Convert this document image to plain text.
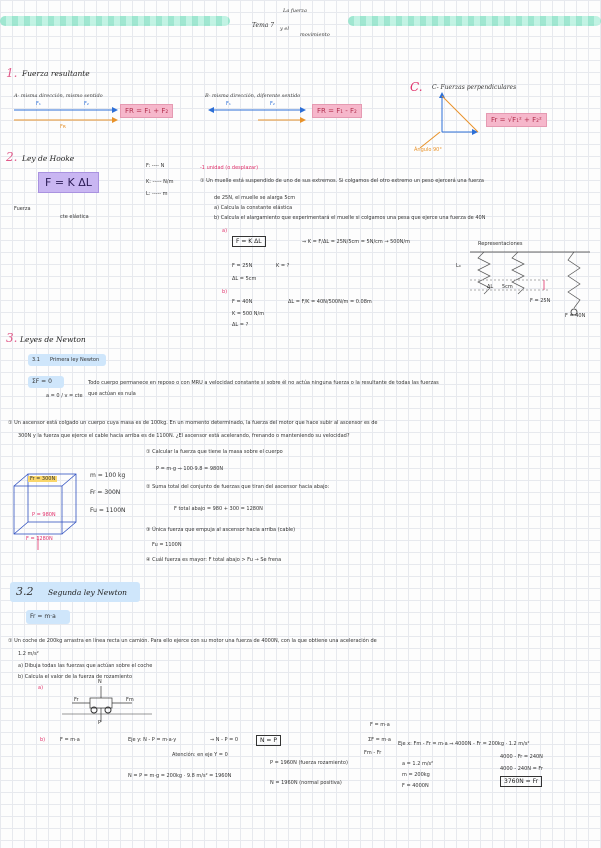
Tema 7 y el
La fuerza
movimiento
1. Fuerza resultante
A- misma dirección, mismo sentido
F₁	F₂
Fʀ
FR = F₁ + F₂
B- misma dirección, diferente sentido
F₁	F₂
FR = F₁ - F₂
C. C- Fuerzas perpendiculares
Fr = √F₁² + F₂²
Ángulo 90°
2. Ley de Hooke
F = K ΔL
Fuerza
cte elástica
F: ---- N
K: ----- N/m
L: ----- m
-1 unidad (o desplazar)
① Un muelle está suspendido de uno de sus extremos. Si colgamos del otro extremo un peso ejercerá una fuerza
de 25N, el muelle se alarga 5cm
a) Calcula la constante elástica
b) Calcula el alargamiento que experimentará el muelle si colgamos una pesa que ejerce una fuerza de 40N
a)
F = K ΔL	⇒ K = F/ΔL = 25N/5cm = 5N/cm → 500N/m
F = 25N	K = ?
ΔL = 5cm
b)
F = 40N
K = 500 N/m
ΔL = ?
ΔL = F/K = 40N/500N/m = 0.08m
Representaciones
L₀
ΔL 5cm
F = 25N
F = 40N
3. Leyes de Newton
3.1 Primera ley Newton
ΣF = 0
a = 0 / v = cte
Todo cuerpo permanece en reposo o con MRU a velocidad constante si sobre él no actúa ninguna fuerza o la resultante de todas las fuerzas
que actúan es nula
① Un ascensor está colgado un cuerpo cuya masa es de 100kg. En un momento determinado, la fuerza del motor que hace subir al ascensor es de
300N y la fuerza que ejerce el cable hacia arriba es de 1100N. ¿El ascensor está acelerando, frenando o manteniendo su velocidad?
① Calcular la fuerza que tiene la masa sobre el cuerpo
P = m·g ⇒ 100·9.8 = 980N
② Suma total del conjunto de fuerzas que tiran del ascensor hacia abajo:
F total abajo = 980 + 300 = 1280N
③ Única fuerza que empuja al ascensor hacia arriba (cable)
Fu = 1100N
④ Cuál fuerza es mayor: F total abajo > Fu → Se frena
m = 100 kg
Fr = 300N
Fu = 1100N
Fr = 300N
P = 980N
F = 1280N
3.2 Segunda ley Newton
Fr = m·a
① Un coche de 200kg arrastra en línea recta un camión. Para ello ejerce con su motor una fuerza de 4000N, con la que obtiene una aceleración de
1.2 m/s²
a) Dibuja todas las fuerzas que actúan sobre el coche
b) Calcula el valor de la fuerza de rozamiento
a)
N
P
Fr	Fm
b)	F = m·a	Eje y: N - P = m·a·y	⇒ N - P = 0	N = P
Atención: en eje Y = 0
N = P = m·g = 200kg · 9.8 m/s² = 1960N
P = 1960N (fuerza rozamiento)
N = 1960N (normal positiva)
F = m·a
ΣF = m·a
Fm - Fr
Eje x: Fm - Fr = m·a ⇒ 4000N - Fr = 200kg · 1.2 m/s²
4000 - Fr = 240N
4000 - 240N = Fr
3760N = Fr
a = 1.2 m/s²
m = 200kg
F = 4000N
